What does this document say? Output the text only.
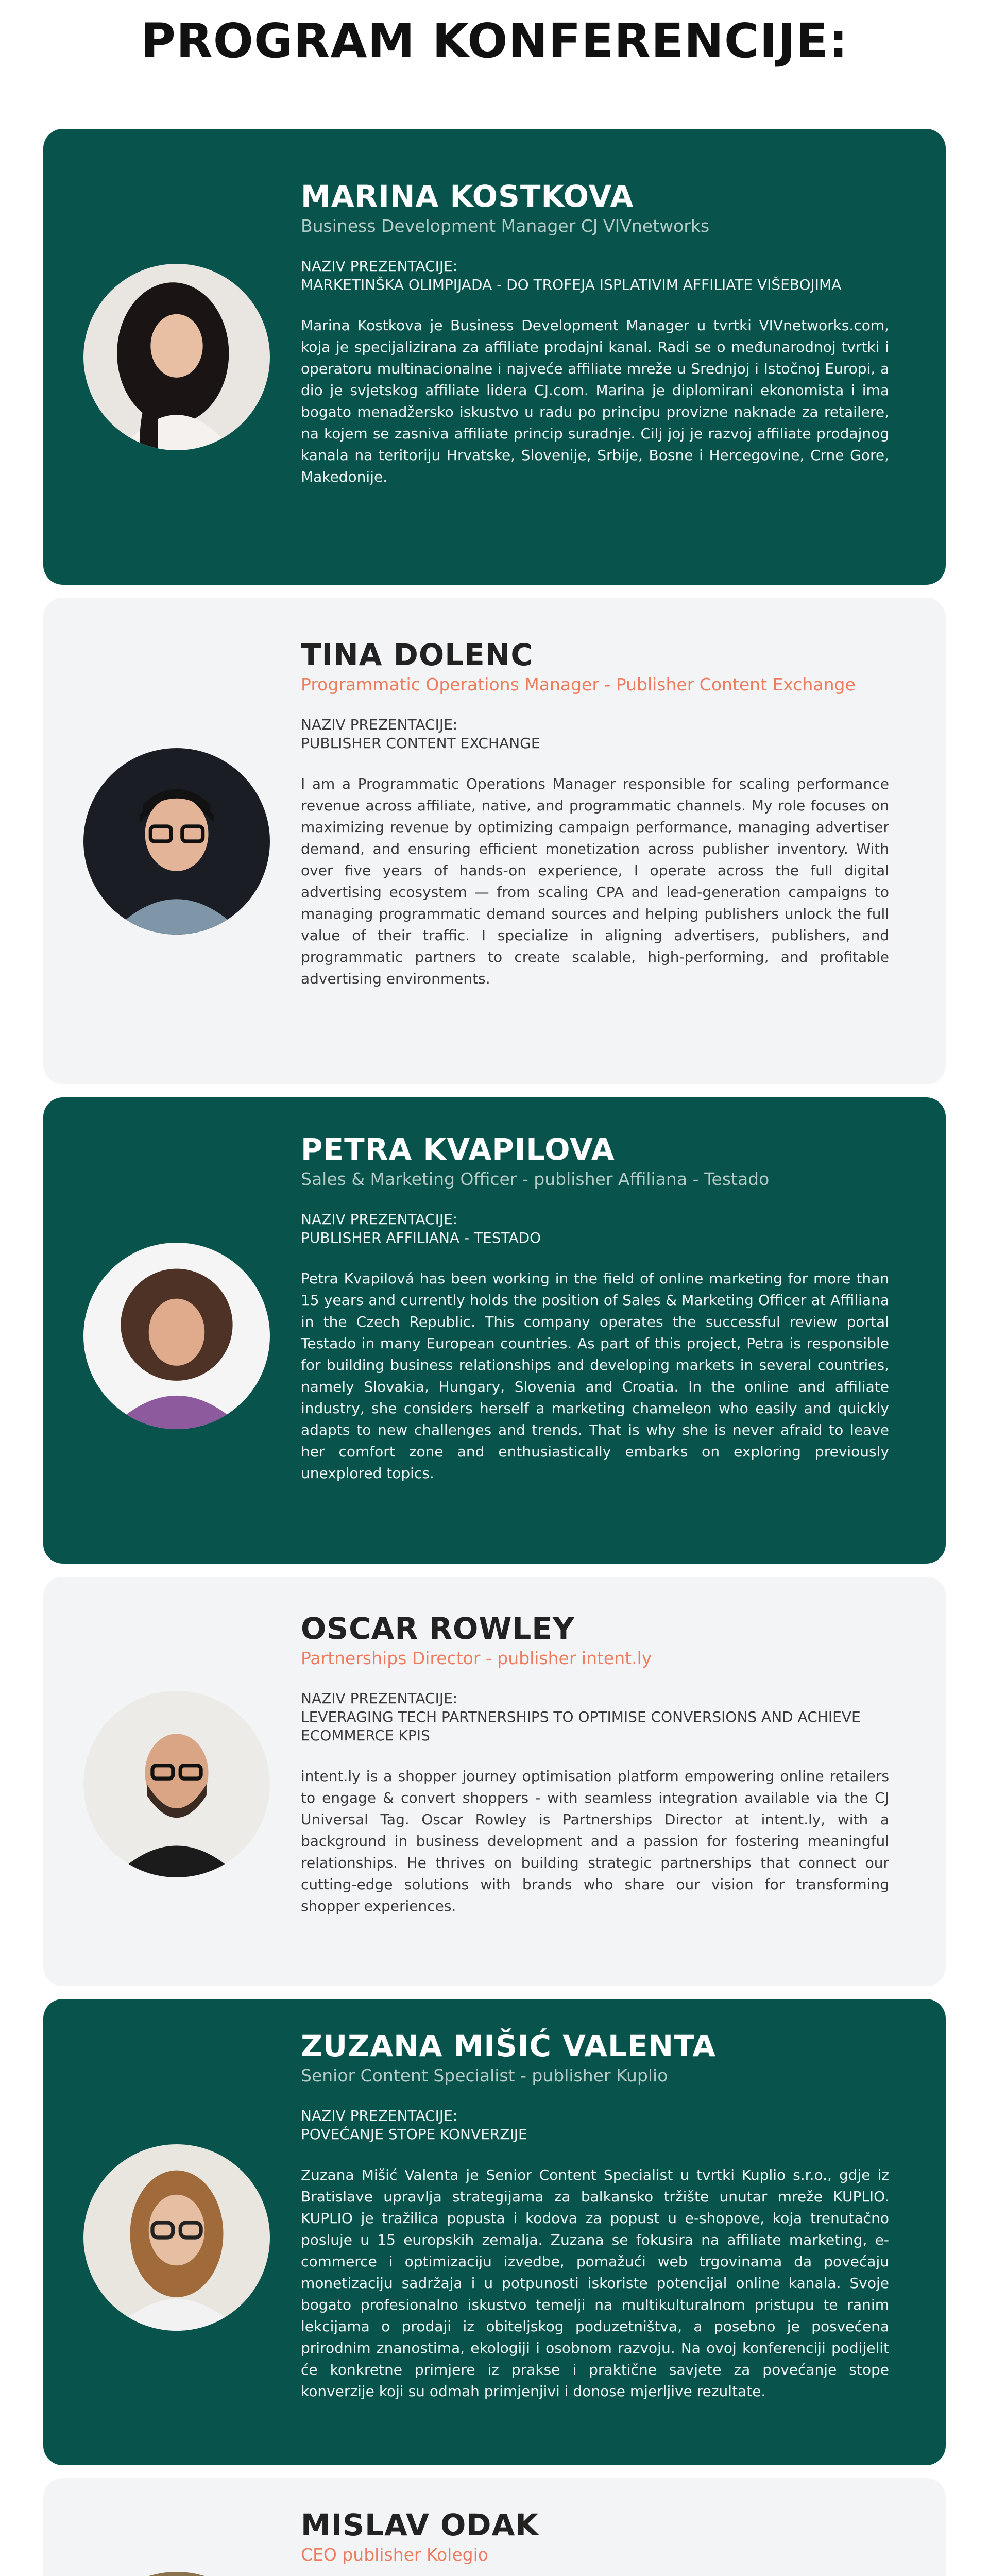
PROGRAM KONFERENCIJE:
MARINA KOSTKOVA

Business Development Manager CJ VIVnetworks

NAZIV PREZENTACIJE:

MARKETINŠKA OLIMPIJADA - DO TROFEJA ISPLATIVIM AFFILIATE VIŠEBOJIMA

Marina Kostkova je Business Development Manager u tvrtki VIVnetworks.com, koja je specijalizirana za affiliate prodajni kanal. Radi se o međunarodnoj tvrtki i operatoru multinacionalne i najveće affiliate mreže u Srednjoj i Istočnoj Europi, a dio je svjetskog affiliate lidera CJ.com. Marina je diplomirani ekonomista i ima bogato menadžersko iskustvo u radu po principu provizne naknade za retailere, na kojem se zasniva affiliate princip suradnje. Cilj joj je razvoj affiliate prodajnog kanala na teritoriju Hrvatske, Slovenije, Srbije, Bosne i Hercegovine, Crne Gore, Makedonije.

TINA DOLENC

Programmatic Operations Manager - Publisher Content Exchange

NAZIV PREZENTACIJE:

PUBLISHER CONTENT EXCHANGE

I am a Programmatic Operations Manager responsible for scaling performance revenue across affiliate, native, and programmatic channels. My role focuses on maximizing revenue by optimizing campaign performance, managing advertiser demand, and ensuring efficient monetization across publisher inventory. With over five years of hands-on experience, I operate across the full digital advertising ecosystem — from scaling CPA and lead-generation campaigns to managing programmatic demand sources and helping publishers unlock the full value of their traffic. I specialize in aligning advertisers, publishers, and programmatic partners to create scalable, high-performing, and profitable advertising environments.

PETRA KVAPILOVA

Sales & Marketing Officer - publisher Affiliana - Testado

NAZIV PREZENTACIJE:

PUBLISHER AFFILIANA - TESTADO

Petra Kvapilová has been working in the field of online marketing for more than 15 years and currently holds the position of Sales & Marketing Officer at Affiliana in the Czech Republic. This company operates the successful review portal Testado in many European countries. As part of this project, Petra is responsible for building business relationships and developing markets in several countries, namely Slovakia, Hungary, Slovenia and Croatia. In the online and affiliate industry, she considers herself a marketing chameleon who easily and quickly adapts to new challenges and trends. That is why she is never afraid to leave her comfort zone and enthusiastically embarks on exploring previously unexplored topics.

OSCAR ROWLEY

Partnerships Director - publisher intent.ly

NAZIV PREZENTACIJE:

LEVERAGING TECH PARTNERSHIPS TO OPTIMISE CONVERSIONS AND ACHIEVE ECOMMERCE KPIS

intent.ly is a shopper journey optimisation platform empowering online retailers to engage & convert shoppers - with seamless integration available via the CJ Universal Tag. Oscar Rowley is Partnerships Director at intent.ly, with a background in business development and a passion for fostering meaningful relationships. He thrives on building strategic partnerships that connect our cutting-edge solutions with brands who share our vision for transforming shopper experiences.

ZUZANA MIŠIĆ VALENTA

Senior Content Specialist - publisher Kuplio

NAZIV PREZENTACIJE:

POVEĆANJE STOPE KONVERZIJE

Zuzana Mišić Valenta je Senior Content Specialist u tvrtki Kuplio s.r.o., gdje iz Bratislave upravlja strategijama za balkansko tržište unutar mreže KUPLIO. KUPLIO je tražilica popusta i kodova za popust u e-shopove, koja trenutačno posluje u 15 europskih zemalja. Zuzana se fokusira na affiliate marketing, e-commerce i optimizaciju izvedbe, pomažući web trgovinama da povećaju monetizaciju sadržaja i u potpunosti iskoriste potencijal online kanala. Svoje bogato profesionalno iskustvo temelji na multikulturalnom pristupu te ranim lekcijama o prodaji iz obiteljskog poduzetništva, a posebno je posvećena prirodnim znanostima, ekologiji i osobnom razvoju. Na ovoj konferenciji podijelit će konkretne primjere iz prakse i praktične savjete za povećanje stope konverzije koji su odmah primjenjivi i donose mjerljive rezultate.

MISLAV ODAK

CEO publisher Kolegio
